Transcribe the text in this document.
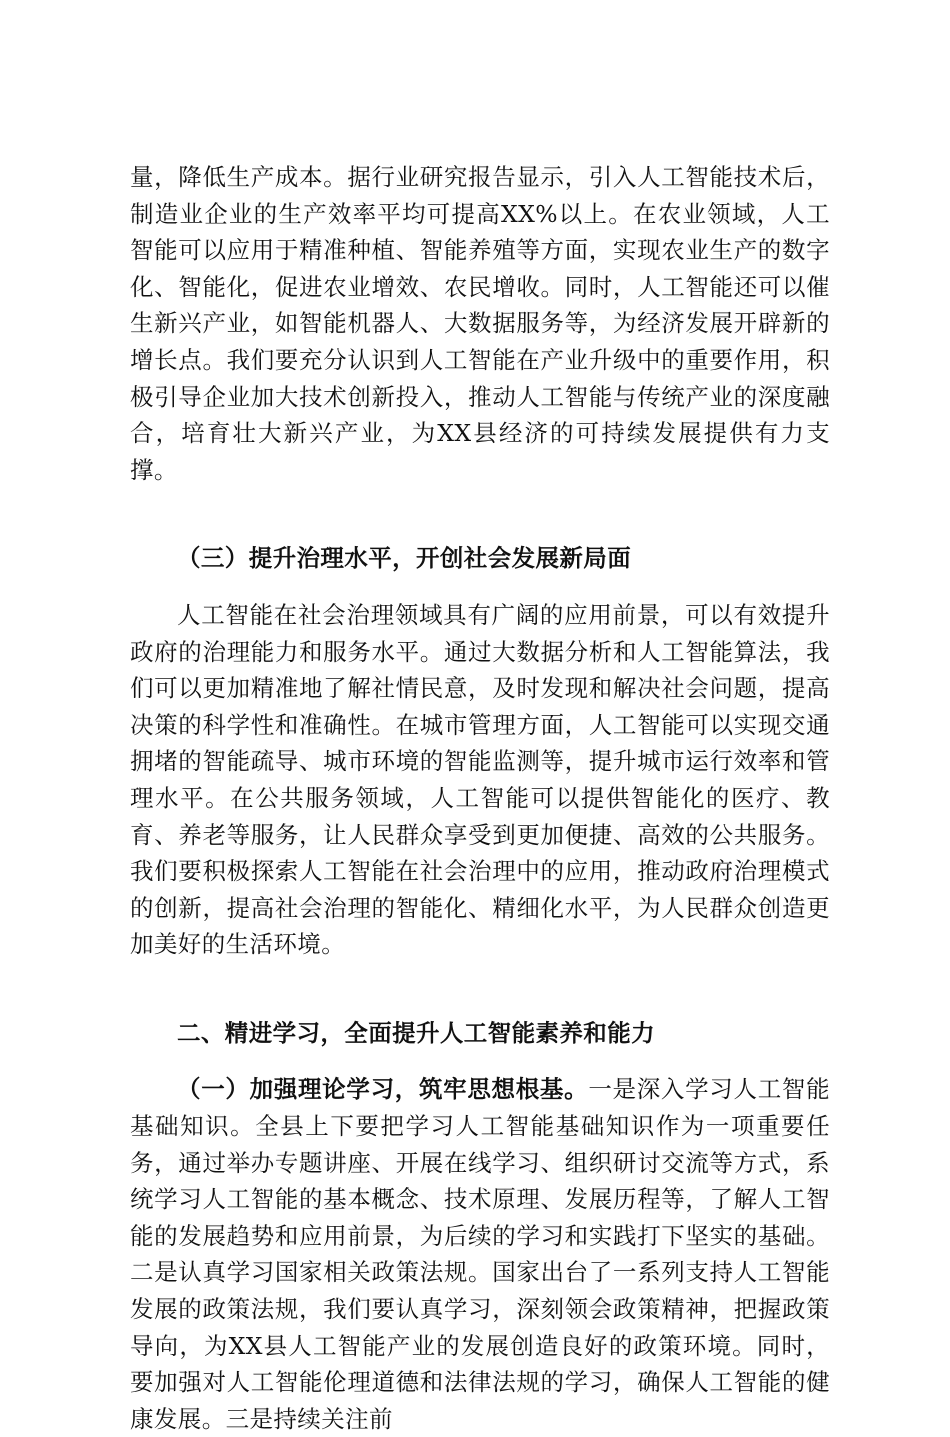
量，降低生产成本。据行业研究报告显示，引入人工智能技术后，制造业企业的生产效率平均可提高XX%以上。在农业领域，人工智能可以应用于精准种植、智能养殖等方面，实现农业生产的数字化、智能化，促进农业增效、农民增收。同时，人工智能还可以催生新兴产业，如智能机器人、大数据服务等，为经济发展开辟新的增长点。我们要充分认识到人工智能在产业升级中的重要作用，积极引导企业加大技术创新投入，推动人工智能与传统产业的深度融合，培育壮大新兴产业，为XX县经济的可持续发展提供有力支撑。

（三）提升治理水平，开创社会发展新局面

人工智能在社会治理领域具有广阔的应用前景，可以有效提升政府的治理能力和服务水平。通过大数据分析和人工智能算法，我们可以更加精准地了解社情民意，及时发现和解决社会问题，提高决策的科学性和准确性。在城市管理方面，人工智能可以实现交通拥堵的智能疏导、城市环境的智能监测等，提升城市运行效率和管理水平。在公共服务领域，人工智能可以提供智能化的医疗、教育、养老等服务，让人民群众享受到更加便捷、高效的公共服务。我们要积极探索人工智能在社会治理中的应用，推动政府治理模式的创新，提高社会治理的智能化、精细化水平，为人民群众创造更加美好的生活环境。

二、精进学习，全面提升人工智能素养和能力

（一）加强理论学习，筑牢思想根基。一是深入学习人工智能基础知识。全县上下要把学习人工智能基础知识作为一项重要任务，通过举办专题讲座、开展在线学习、组织研讨交流等方式，系统学习人工智能的基本概念、技术原理、发展历程等，了解人工智能的发展趋势和应用前景，为后续的学习和实践打下坚实的基础。二是认真学习国家相关政策法规。国家出台了一系列支持人工智能发展的政策法规，我们要认真学习，深刻领会政策精神，把握政策导向，为XX县人工智能产业的发展创造良好的政策环境。同时，要加强对人工智能伦理道德和法律法规的学习，确保人工智能的健康发展。三是持续关注前
